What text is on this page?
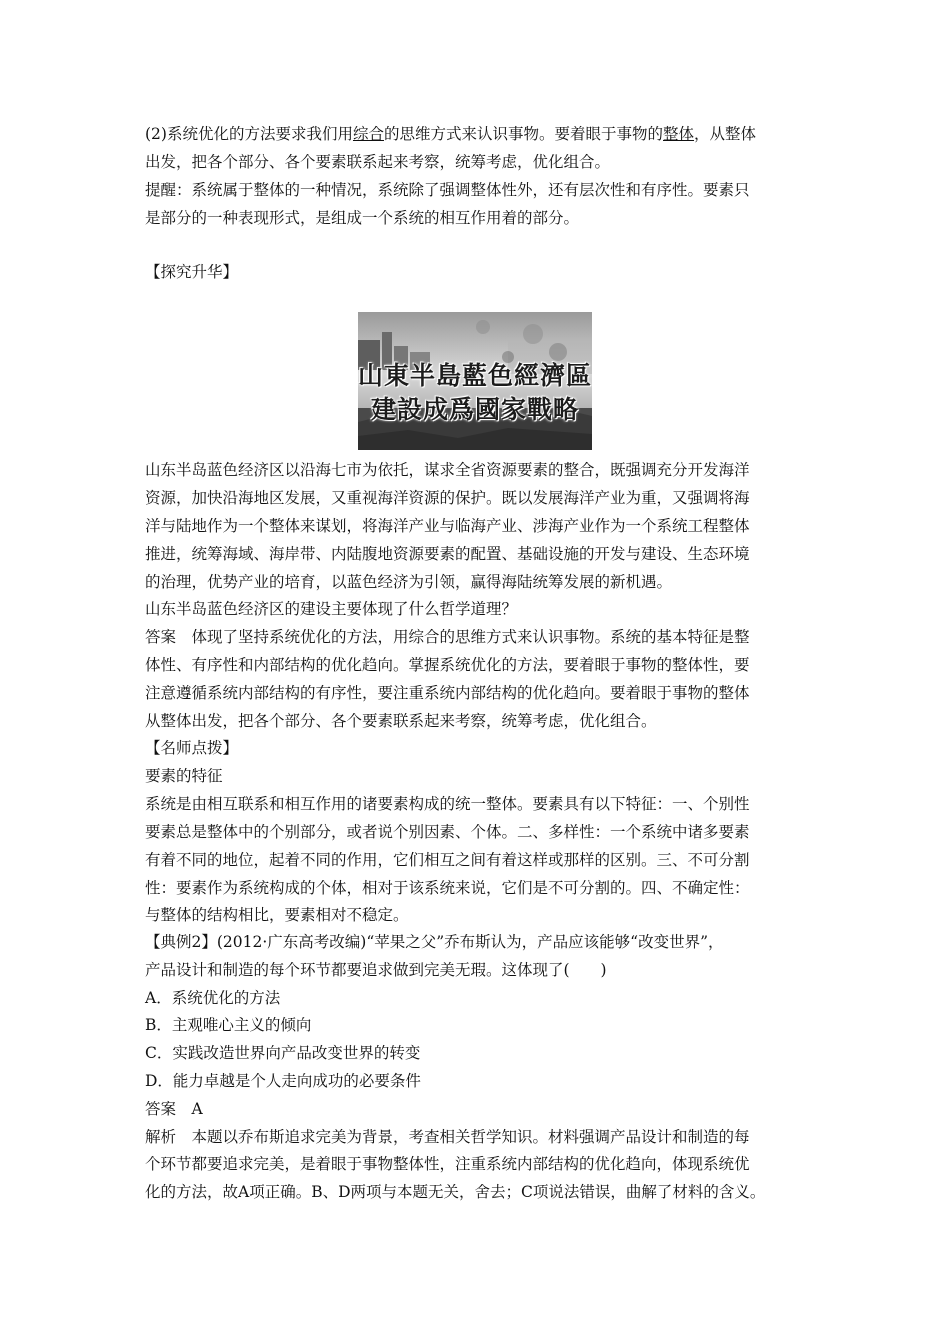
(2)系统优化的方法要求我们用综合的思维方式来认识事物。要着眼于事物的整体，从整体
出发，把各个部分、各个要素联系起来考察，统筹考虑，优化组合。
提醒：系统属于整体的一种情况，系统除了强调整体性外，还有层次性和有序性。要素只
是部分的一种表现形式，是组成一个系统的相互作用着的部分。
【探究升华】
山東半島藍色經濟區
建設成爲國家戰略
山东半岛蓝色经济区以沿海七市为依托，谋求全省资源要素的整合，既强调充分开发海洋
资源，加快沿海地区发展，又重视海洋资源的保护。既以发展海洋产业为重，又强调将海
洋与陆地作为一个整体来谋划，将海洋产业与临海产业、涉海产业作为一个系统工程整体
推进，统筹海域、海岸带、内陆腹地资源要素的配置、基础设施的开发与建设、生态环境
的治理，优势产业的培育，以蓝色经济为引领，赢得海陆统筹发展的新机遇。
山东半岛蓝色经济区的建设主要体现了什么哲学道理？
答案　体现了坚持系统优化的方法，用综合的思维方式来认识事物。系统的基本特征是整
体性、有序性和内部结构的优化趋向。掌握系统优化的方法，要着眼于事物的整体性，要
注意遵循系统内部结构的有序性，要注重系统内部结构的优化趋向。要着眼于事物的整体
从整体出发，把各个部分、各个要素联系起来考察，统筹考虑，优化组合。
【名师点拨】
要素的特征
系统是由相互联系和相互作用的诸要素构成的统一整体。要素具有以下特征：一、个别性
要素总是整体中的个别部分，或者说个别因素、个体。二、多样性：一个系统中诸多要素
有着不同的地位，起着不同的作用，它们相互之间有着这样或那样的区别。三、不可分割
性：要素作为系统构成的个体，相对于该系统来说，它们是不可分割的。四、不确定性：
与整体的结构相比，要素相对不稳定。
【典例2】(2012·广东高考改编)“苹果之父”乔布斯认为，产品应该能够“改变世界”，
产品设计和制造的每个环节都要追求做到完美无瑕。这体现了(　　)
A．系统优化的方法
B．主观唯心主义的倾向
C．实践改造世界向产品改变世界的转变
D．能力卓越是个人走向成功的必要条件
答案　A
解析　本题以乔布斯追求完美为背景，考查相关哲学知识。材料强调产品设计和制造的每
个环节都要追求完美，是着眼于事物整体性，注重系统内部结构的优化趋向，体现系统优
化的方法，故A项正确。B、D两项与本题无关，舍去；C项说法错误，曲解了材料的含义。
